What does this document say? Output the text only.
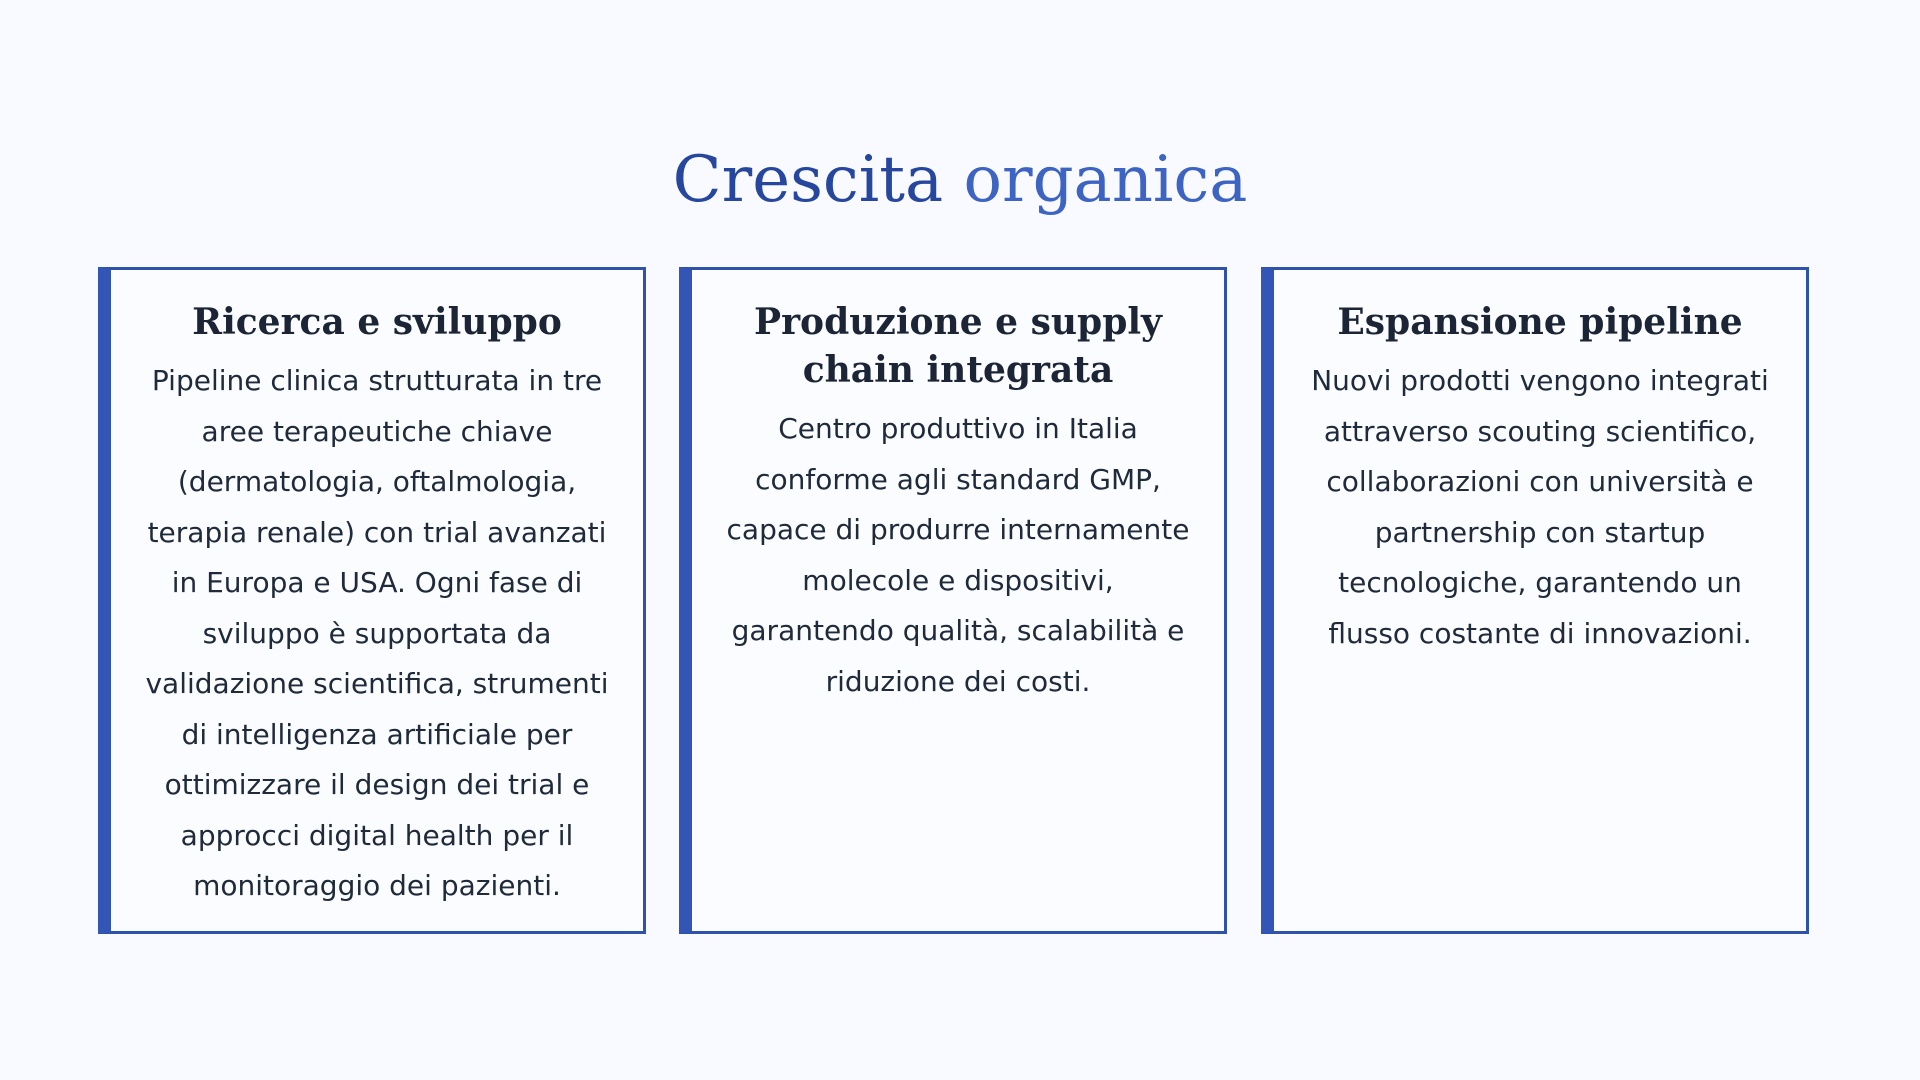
Crescita organica
Ricerca e sviluppo

Pipeline clinica strutturata in tre aree terapeutiche chiave (dermatologia, oftalmologia, terapia renale) con trial avanzati in Europa e USA. Ogni fase di sviluppo è supportata da validazione scientifica, strumenti di intelligenza artificiale per ottimizzare il design dei trial e approcci digital health per il monitoraggio dei pazienti.

Produzione e supply chain integrata

Centro produttivo in Italia conforme agli standard GMP, capace di produrre internamente molecole e dispositivi, garantendo qualità, scalabilità e riduzione dei costi.

Espansione pipeline

Nuovi prodotti vengono integrati attraverso scouting scientifico, collaborazioni con università e partnership con startup tecnologiche, garantendo un flusso costante di innovazioni.
